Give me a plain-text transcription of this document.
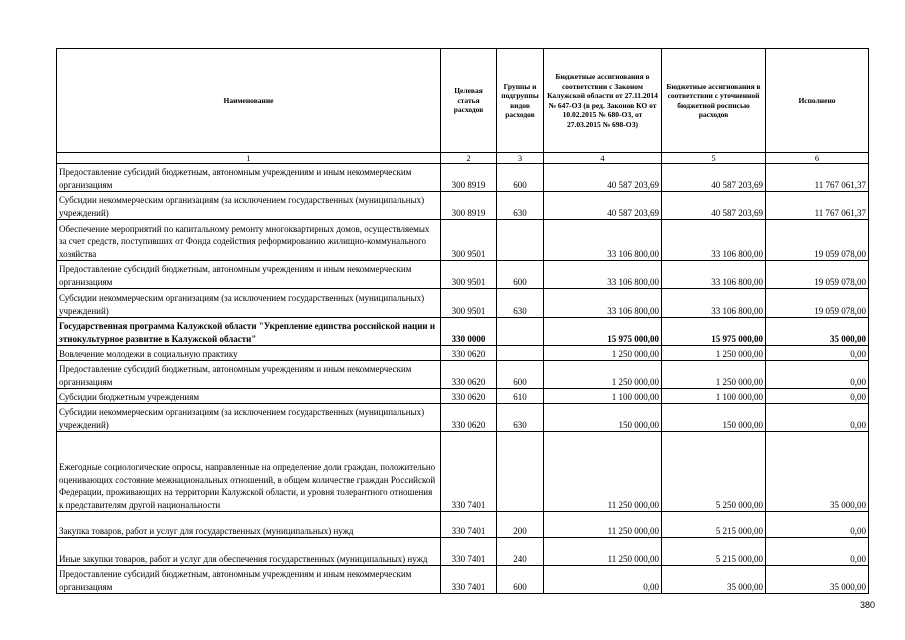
Наименование	Целевая статья расходов	Группы и подгруппы видов расходов	Бюджетные ассигнования в соответствии с Законом Калужской области от 27.11.2014 № 647-ОЗ (в ред. Законов КО от 10.02.2015 № 680-ОЗ, от 27.03.2015 № 698-ОЗ)	Бюджетные ассигнования в соответствии с уточненной бюджетной росписью расходов	Исполнено
1	2	3	4	5	6
Предоставление субсидий бюджетным, автономным учреждениям и иным некоммерческим организациям	300 8919	600	40 587 203,69	40 587 203,69	11 767 061,37
Субсидии некоммерческим организациям (за исключением государственных (муниципальных) учреждений)	300 8919	630	40 587 203,69	40 587 203,69	11 767 061,37
Обеспечение мероприятий по капитальному ремонту многоквартирных домов, осуществляемых за счет средств, поступивших от Фонда содействия реформированию жилищно-коммунального хозяйства	300 9501		33 106 800,00	33 106 800,00	19 059 078,00
Предоставление субсидий бюджетным, автономным учреждениям и иным некоммерческим организациям	300 9501	600	33 106 800,00	33 106 800,00	19 059 078,00
Субсидии некоммерческим организациям (за исключением государственных (муниципальных) учреждений)	300 9501	630	33 106 800,00	33 106 800,00	19 059 078,00
Государственная программа Калужской области "Укрепление единства российской нации и этнокультурное развитие в Калужской области"	330 0000		15 975 000,00	15 975 000,00	35 000,00
Вовлечение молодежи в социальную практику	330 0620		1 250 000,00	1 250 000,00	0,00
Предоставление субсидий бюджетным, автономным учреждениям и иным некоммерческим организациям	330 0620	600	1 250 000,00	1 250 000,00	0,00
Субсидии бюджетным учреждениям	330 0620	610	1 100 000,00	1 100 000,00	0,00
Субсидии некоммерческим организациям (за исключением государственных (муниципальных) учреждений)	330 0620	630	150 000,00	150 000,00	0,00
Ежегодные социологические опросы, направленные на определение доли граждан, положительно оценивающих состояние межнациональных отношений, в общем количестве граждан Российской Федерации, проживающих на территории Калужской области, и уровня толерантного отношения к представителям другой национальности	330 7401		11 250 000,00	5 250 000,00	35 000,00
Закупка товаров, работ и услуг для государственных (муниципальных) нужд	330 7401	200	11 250 000,00	5 215 000,00	0,00
Иные закупки товаров, работ и услуг для обеспечения государственных (муниципальных) нужд	330 7401	240	11 250 000,00	5 215 000,00	0,00
Предоставление субсидий бюджетным, автономным учреждениям и иным некоммерческим организациям	330 7401	600	0,00	35 000,00	35 000,00
380
